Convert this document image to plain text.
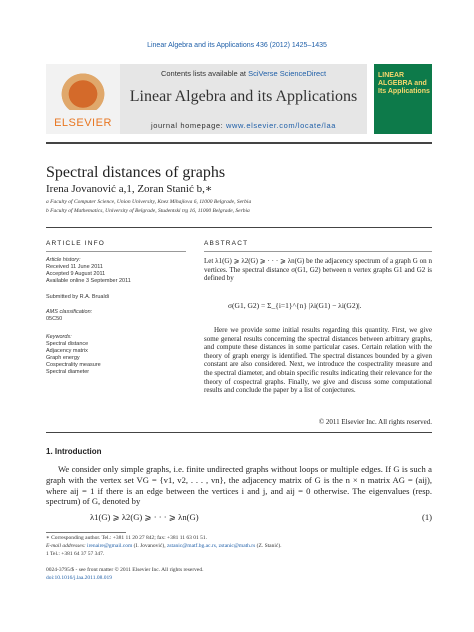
Linear Algebra and its Applications 436 (2012) 1425–1435
ELSEVIER
Contents lists available at SciVerse ScienceDirect
Linear Algebra and its Applications
journal homepage: www.elsevier.com/locate/laa
LINEAR ALGEBRA and Its Applications
Spectral distances of graphs
Irena Jovanović a,1, Zoran Stanić b,∗
a Faculty of Computer Science, Union University, Knez Mihajlova 6, 11000 Belgrade, Serbia
b Faculty of Mathematics, University of Belgrade, Studentski trg 16, 11000 Belgrade, Serbia
ARTICLE INFO
Article history:
Received 11 June 2011
Accepted 9 August 2011
Available online 3 September 2011
Submitted by R.A. Brualdi
AMS classification:
05C50
Keywords:
Spectral distance
Adjacency matrix
Graph energy
Cospectrality measure
Spectral diameter
ABSTRACT
Let λ1(G) ⩾ λ2(G) ⩾ · · · ⩾ λn(G) be the adjacency spectrum of a graph G on n vertices. The spectral distance σ(G1, G2) between n vertex graphs G1 and G2 is defined by
σ(G1, G2) = Σ_{i=1}^{n} |λi(G1) − λi(G2)|.
Here we provide some initial results regarding this quantity. First, we give some general results concerning the spectral distances between arbitrary graphs, and compute these distances in some particular cases. Certain relation with the theory of graph energy is identified. The spectral distances bounded by a given constant are also considered. Next, we introduce the cospectrality measure and the spectral diameter, and obtain specific results indicating their relevance for the theory of cospectral graphs. Finally, we give and discuss some computational results and conclude the paper by a list of conjectures.
© 2011 Elsevier Inc. All rights reserved.
1. Introduction
We consider only simple graphs, i.e. finite undirected graphs without loops or multiple edges. If G is such a graph with the vertex set VG = {v1, v2, . . . , vn}, the adjacency matrix of G is the n × n matrix AG = (aij), where aij = 1 if there is an edge between the vertices i and j, and aij = 0 otherwise. The eigenvalues (resp. spectrum) of G, denoted by
λ1(G) ⩾ λ2(G) ⩾ · · · ⩾ λn(G)	(1)
∗ Corresponding author. Tel.: +381 11 20 27 842; fax: +381 11 63 01 51.
E-mail addresses: irenaire@gmail.com (I. Jovanović), zstanic@matf.bg.ac.rs, zstanic@math.rs (Z. Stanić).
1 Tel.: +381 64 37 57 347.
0024-3795/$ - see front matter © 2011 Elsevier Inc. All rights reserved.
doi:10.1016/j.laa.2011.08.019
